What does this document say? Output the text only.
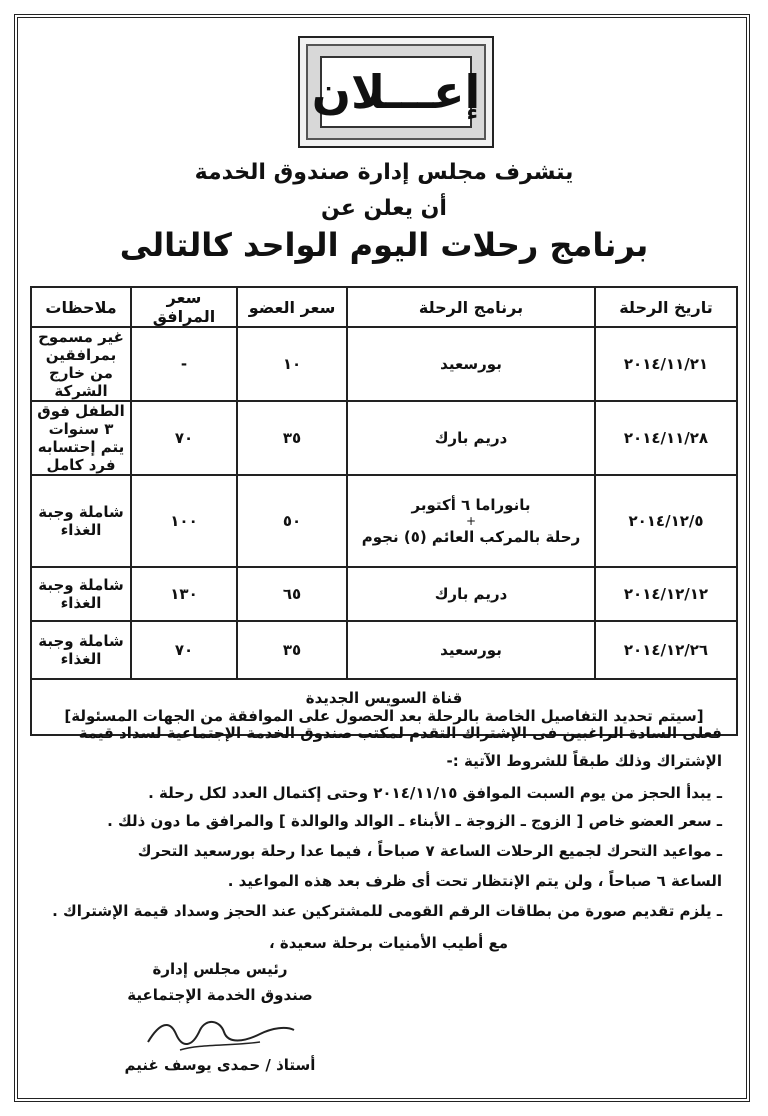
إعـــلان
يتشرف مجلس إدارة صندوق الخدمة
أن يعلن عن
برنامج رحلات اليوم الواحد كالتالى
تاريخ الرحلة	برنامج الرحلة	سعر العضو	سعر المرافق	ملاحظات
٢٠١٤/١١/٢١	بورسعيد	١٠	-	غير مسموح بمرافقين
من خارج الشركة

٢٠١٤/١١/٢٨	دريم بارك	٣٥	٧٠	الطفل فوق ٣ سنوات
يتم إحتسابه فرد كامل

٢٠١٤/١٢/٥	بانوراما ٦ أكتوبر
+
رحلة بالمركب العائم (٥) نجوم	٥٠	١٠٠	شاملة وجبة الغذاء
٢٠١٤/١٢/١٢	دريم بارك	٦٥	١٣٠	شاملة وجبة الغذاء
٢٠١٤/١٢/٢٦	بورسعيد	٣٥	٧٠	شاملة وجبة الغذاء

قناة السويس الجديدة
[سيتم تحديد التفاصيل الخاصة بالرحلة بعد الحصول على الموافقة من الجهات المسئولة]				
فعلى السادة الراغبين فى الإشتراك التقدم لمكتب صندوق الخدمة الإجتماعية لسداد قيمة
الإشتراك وذلك طبقاً للشروط الآتية :-
ـ يبدأ الحجز من يوم السبت الموافق ٢٠١٤/١١/١٥ وحتى إكتمال العدد لكل رحلة .
ـ سعر العضو خاص [ الزوج ـ الزوجة ـ الأبناء ـ الوالد والوالدة ] والمرافق ما دون ذلك .
ـ مواعيد التحرك لجميع الرحلات الساعة ٧ صباحاً ، فيما عدا رحلة بورسعيد التحرك
الساعة ٦ صباحاً ، ولن يتم الإنتظار تحت أى ظرف بعد هذه المواعيد .
ـ يلزم تقديم صورة من بطاقات الرقم القومى للمشتركين عند الحجز وسداد قيمة الإشتراك .
مع أطيب الأمنيات برحلة سعيدة ،
رئيس مجلس إدارة
صندوق الخدمة الإجتماعية
أستاذ / حمدى يوسف غنيم
